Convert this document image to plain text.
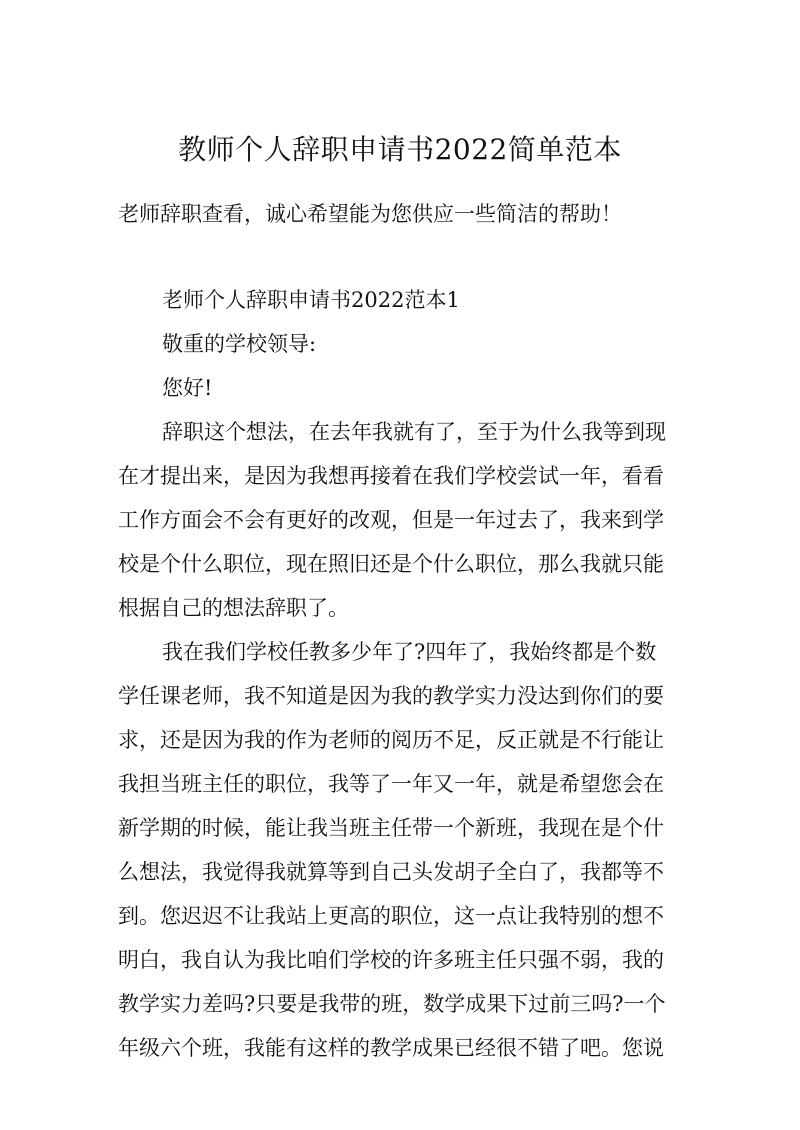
教师个人辞职申请书2022简单范本

老师辞职查看，诚心希望能为您供应一些简洁的帮助！

老师个人辞职申请书2022范本1

敬重的学校领导:

您好!

辞职这个想法，在去年我就有了，至于为什么我等到现

在才提出来，是因为我想再接着在我们学校尝试一年，看看

工作方面会不会有更好的改观，但是一年过去了，我来到学

校是个什么职位，现在照旧还是个什么职位，那么我就只能

根据自己的想法辞职了。

我在我们学校任教多少年了?四年了，我始终都是个数

学任课老师，我不知道是因为我的教学实力没达到你们的要

求，还是因为我的作为老师的阅历不足，反正就是不行能让

我担当班主任的职位，我等了一年又一年，就是希望您会在

新学期的时候，能让我当班主任带一个新班，我现在是个什

么想法，我觉得我就算等到自己头发胡子全白了，我都等不

到。您迟迟不让我站上更高的职位，这一点让我特别的想不

明白，我自认为我比咱们学校的许多班主任只强不弱，我的

教学实力差吗?只要是我带的班，数学成果下过前三吗?一个

年级六个班，我能有这样的教学成果已经很不错了吧。您说
